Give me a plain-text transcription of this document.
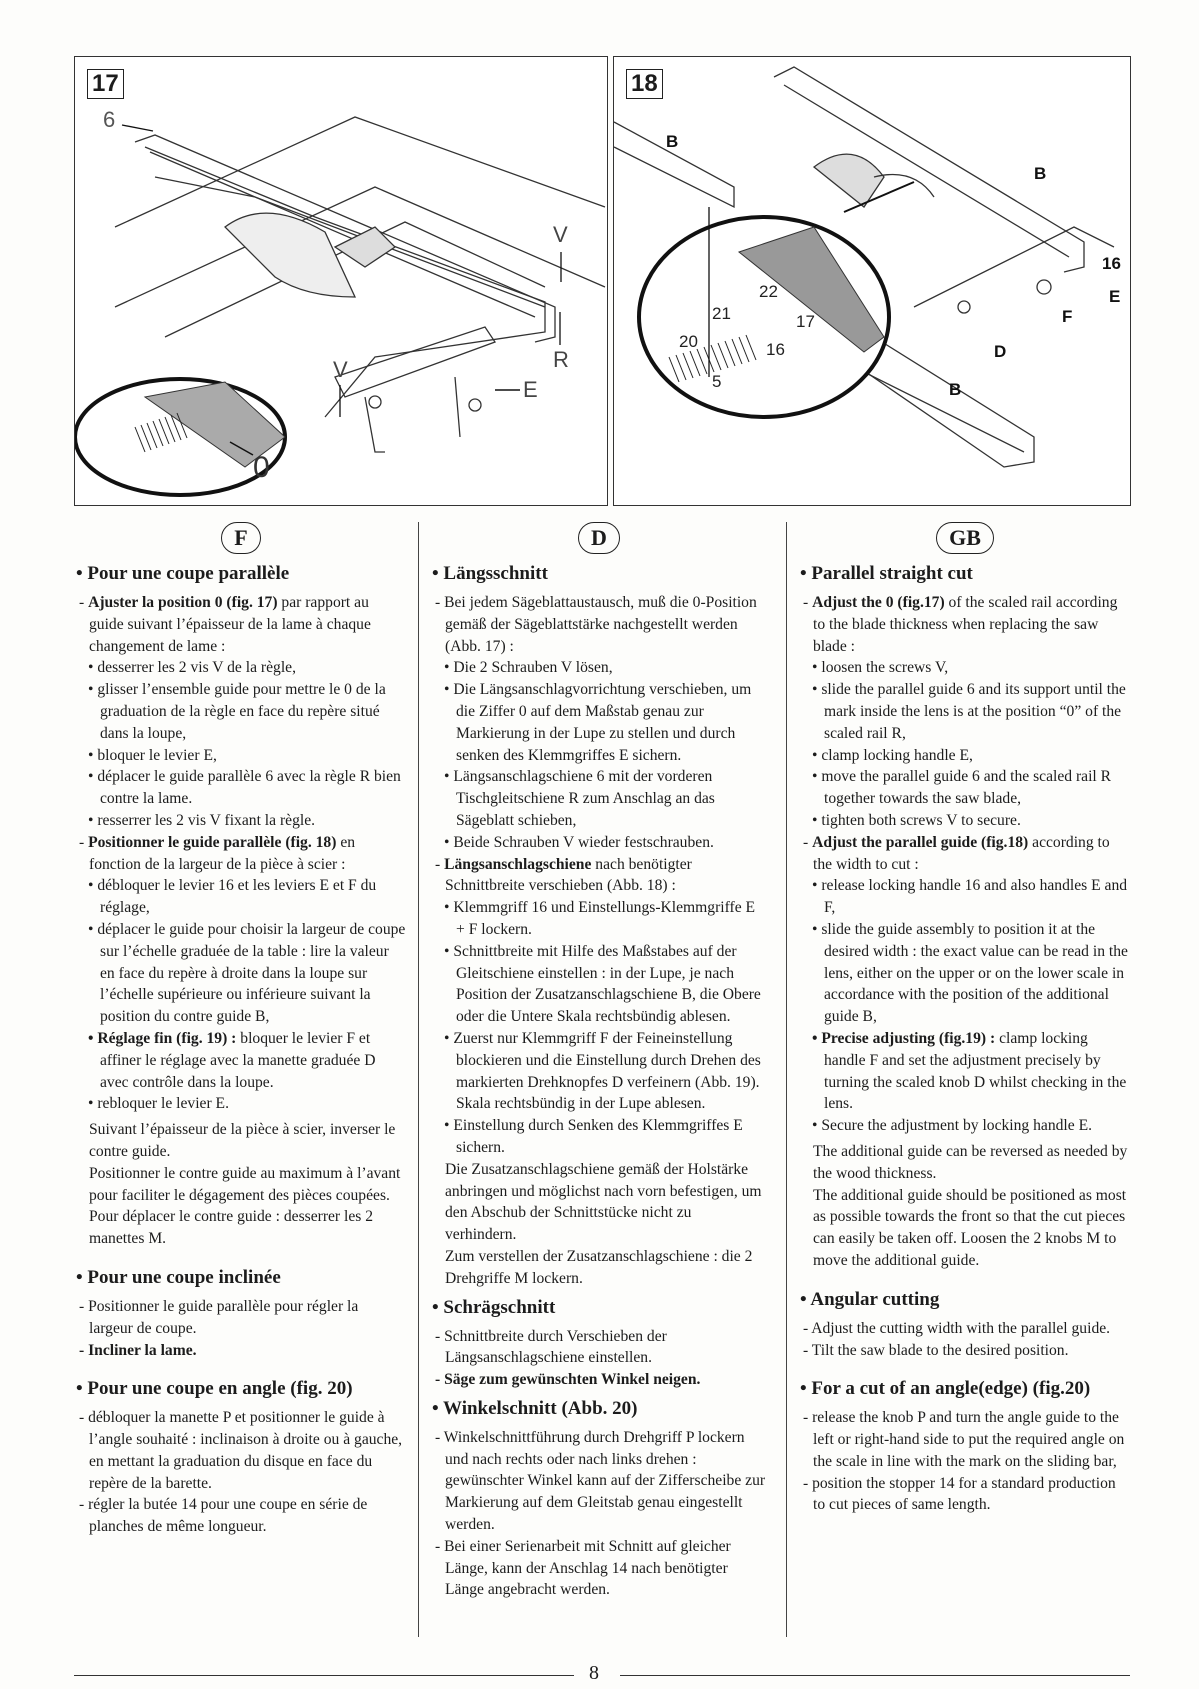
17
6
V
V	R
E
0
18
20
21
22
16
17
5
B
B
B
16
E
F
D
F
• Pour une coupe parallèle

- Ajuster la position 0 (fig. 17) par rapport au guide suivant l’épaisseur de la lame à chaque changement de lame :

• desserrer les 2 vis V de la règle,

• glisser l’ensemble guide pour mettre le 0 de la graduation de la règle en face du repère situé dans la loupe,

• bloquer le levier E,

• déplacer le guide parallèle 6 avec la règle R bien contre la lame.

• resserrer les 2 vis V fixant la règle.

- Positionner le guide parallèle (fig. 18) en fonction de la largeur de la pièce à scier :

• débloquer le levier 16 et les leviers E et F du réglage,

• déplacer le guide pour choisir la largeur de coupe sur l’échelle graduée de la table : lire la valeur en face du repère à droite dans la loupe sur l’échelle supérieure ou inférieure suivant la position du contre guide B,

• Réglage fin (fig. 19) : bloquer le levier F et affiner le réglage avec la manette graduée D avec contrôle dans la loupe.

• rebloquer le levier E.

Suivant l’épaisseur de la pièce à scier, inverser le contre guide.

Positionner le contre guide au maximum à l’avant pour faciliter le dégagement des pièces coupées. Pour déplacer le contre guide : desserrer les 2 manettes M.

• Pour une coupe inclinée

- Positionner le guide parallèle pour régler la largeur de coupe.

- Incliner la lame.

• Pour une coupe en angle (fig. 20)

- débloquer la manette P et positionner le guide à l’angle souhaité : inclinaison à droite ou à gauche, en mettant la graduation du disque en face du repère de la barette.

- régler la butée 14 pour une coupe en série de planches de même longueur.

D
• Längsschnitt

- Bei jedem Sägeblattaustausch, muß die 0-Position gemäß der Sägeblattstärke nachgestellt werden (Abb. 17) :

• Die 2 Schrauben V lösen,

• Die Längsanschlagvorrichtung verschieben, um die Ziffer 0 auf dem Maßstab genau zur Markierung in der Lupe zu stellen und durch senken des Klemmgriffes E sichern.

• Längsanschlagschiene 6 mit der vorderen Tischgleitschiene R zum Anschlag an das Sägeblatt schieben,

• Beide Schrauben V wieder festschrauben.

- Längsanschlagschiene nach benötigter Schnittbreite verschieben (Abb. 18) :

• Klemmgriff 16 und Einstellungs-Klemmgriffe E + F lockern.

• Schnittbreite mit Hilfe des Maßstabes auf der Gleitschiene einstellen : in der Lupe, je nach Position der Zusatzanschlagschiene B, die Obere oder die Untere Skala rechtsbündig ablesen.

• Zuerst nur Klemmgriff F der Feineinstellung blockieren und die Einstellung durch Drehen des markierten Drehknopfes D verfeinern (Abb. 19). Skala rechtsbündig in der Lupe ablesen.

• Einstellung durch Senken des Klemmgriffes E sichern.

Die Zusatzanschlagschiene gemäß der Holstärke anbringen und möglichst nach vorn befestigen, um den Abschub der Schnittstücke nicht zu verhindern.

Zum verstellen der Zusatzanschlagschiene : die 2 Drehgriffe M lockern.

• Schrägschnitt

- Schnittbreite durch Verschieben der Längsanschlagschiene einstellen.

- Säge zum gewünschten Winkel neigen.

• Winkelschnitt (Abb. 20)

- Winkelschnittführung durch Drehgriff P lockern und nach rechts oder nach links drehen : gewünschter Winkel kann auf der Zifferscheibe zur Markierung auf dem Gleitstab genau eingestellt werden.

- Bei einer Serienarbeit mit Schnitt auf gleicher Länge, kann der Anschlag 14 nach benötigter Länge angebracht werden.

GB
• Parallel straight cut

- Adjust the 0 (fig.17) of the scaled rail according to the blade thickness when replacing the saw blade :

• loosen the screws V,

• slide the parallel guide 6 and its support until the mark inside the lens is at the position “0” of the scaled rail R,

• clamp locking handle E,

• move the parallel guide 6 and the scaled rail R together towards the saw blade,

• tighten both screws V to secure.

- Adjust the parallel guide (fig.18) according to the width to cut :

• release locking handle 16 and also handles E and F,

• slide the guide assembly to position it at the desired width : the exact value can be read in the lens, either on the upper or on the lower scale in accordance with the position of the additional guide B,

• Precise adjusting (fig.19) : clamp locking handle F and set the adjustment precisely by turning the scaled knob D whilst checking in the lens.

• Secure the adjustment by locking handle E.

The additional guide can be reversed as needed by the wood thickness.

The additional guide should be positioned as most as possible towards the front so that the cut pieces can easily be taken off. Loosen the 2 knobs M to move the additional guide.

• Angular cutting

- Adjust the cutting width with the parallel guide.

- Tilt the saw blade to the desired position.

• For a cut of an angle(edge) (fig.20)

- release the knob P and turn the angle guide to the left or right-hand side to put the required angle on the scale in line with the mark on the sliding bar,

- position the stopper 14 for a standard production to cut pieces of same length.

8
